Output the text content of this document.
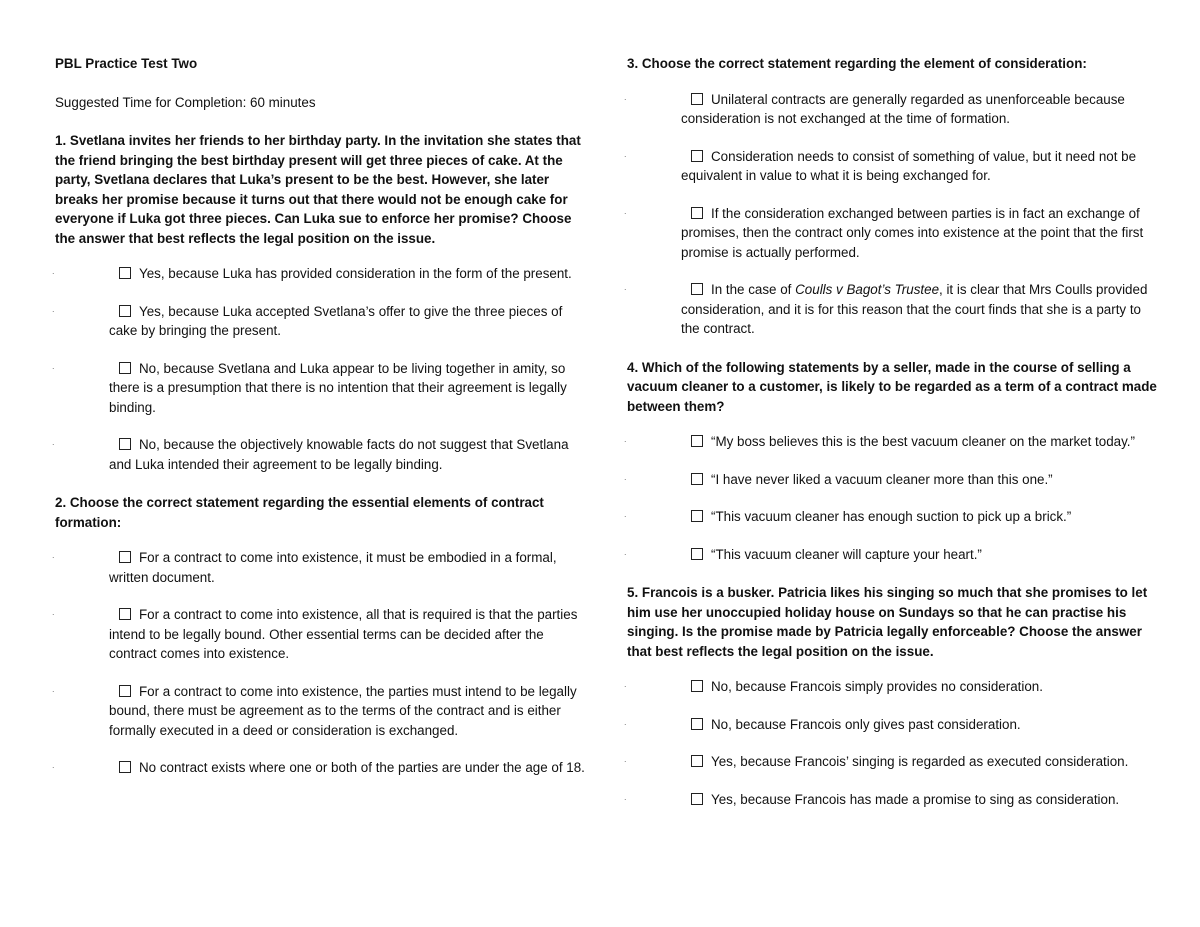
PBL Practice Test Two

Suggested Time for Completion: 60 minutes

1. Svetlana invites her friends to her birthday party. In the invitation she states that the friend bringing the best birthday present will get three pieces of cake. At the party, Svetlana declares that Luka’s present to be the best. However, she later breaks her promise because it turns out that there would not be enough cake for everyone if Luka got three pieces. Can Luka sue to enforce her promise? Choose the answer that best reflects the legal position on the issue.

.	Yes, because Luka has provided consideration in the form of the present.
.	Yes, because Luka accepted Svetlana’s offer to give the three pieces of cake by bringing the present.
.	No, because Svetlana and Luka appear to be living together in amity, so there is a presumption that there is no intention that their agreement is legally binding.
.	No, because the objectively knowable facts do not suggest that Svetlana and Luka intended their agreement to be legally binding.

2. Choose the correct statement regarding the essential elements of contract formation:

.	For a contract to come into existence, it must be embodied in a formal, written document.
.	For a contract to come into existence, all that is required is that the parties intend to be legally bound. Other essential terms can be decided after the contract comes into existence.
.	For a contract to come into existence, the parties must intend to be legally bound, there must be agreement as to the terms of the contract and is either formally executed in a deed or consideration is exchanged.
.	No contract exists where one or both of the parties are under the age of 18.

3. Choose the correct statement regarding the element of consideration:

.	Unilateral contracts are generally regarded as unenforceable because consideration is not exchanged at the time of formation.
.	Consideration needs to consist of something of value, but it need not be equivalent in value to what it is being exchanged for.
.	If the consideration exchanged between parties is in fact an exchange of promises, then the contract only comes into existence at the point that the first promise is actually performed.
.	In the case of Coulls v Bagot’s Trustee, it is clear that Mrs Coulls provided consideration, and it is for this reason that the court finds that she is a party to the contract.

4. Which of the following statements by a seller, made in the course of selling a vacuum cleaner to a customer, is likely to be regarded as a term of a contract made between them?

.	“My boss believes this is the best vacuum cleaner on the market today.”
.	“I have never liked a vacuum cleaner more than this one.”
.	“This vacuum cleaner has enough suction to pick up a brick.”
.	“This vacuum cleaner will capture your heart.”

5. Francois is a busker. Patricia likes his singing so much that she promises to let him use her unoccupied holiday house on Sundays so that he can practise his singing. Is the promise made by Patricia legally enforceable? Choose the answer that best reflects the legal position on the issue.

.	No, because Francois simply provides no consideration.
.	No, because Francois only gives past consideration.
.	Yes, because Francois’ singing is regarded as executed consideration.
.	Yes, because Francois has made a promise to sing as consideration.
